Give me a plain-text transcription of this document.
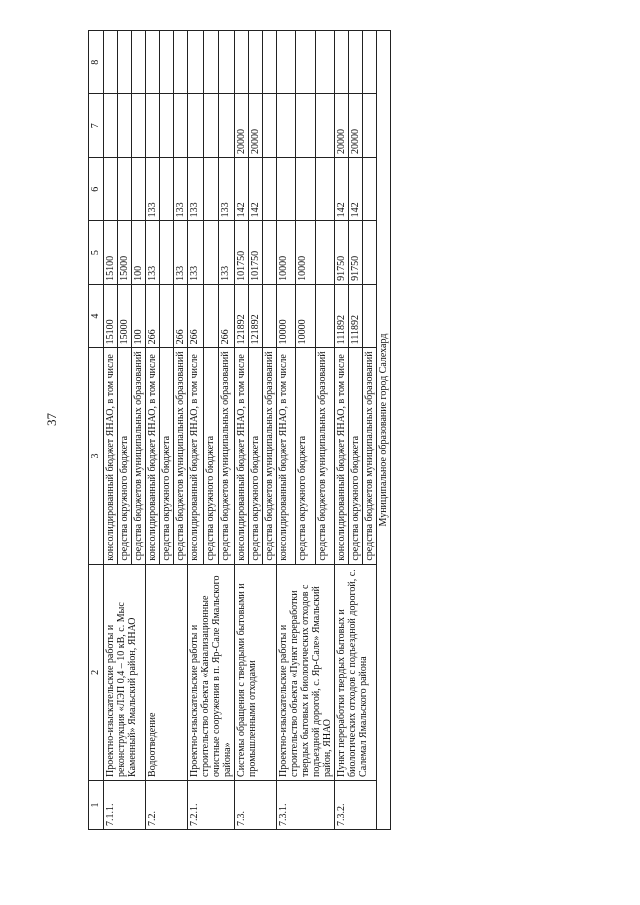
37
1	2	3	4	5	6	7	8
7.1.1.	Проектно-изыскательские работы и реконструкция «ЛЭП 0,4 – 10 кВ, с. Мыс Каменный» Ямальский район, ЯНАО	консолидированный бюджет ЯНАО, в том числе	15100	15100			
		средства окружного бюджета	15000	15000			
		средства бюджетов муниципальных образований	100	100			
7.2.	Водоотведение	консолидированный бюджет ЯНАО, в том числе	266	133	133		
		средства окружного бюджета					
		средства бюджетов муниципальных образований	266	133	133		
7.2.1.	Проектно-изыскательские работы и строительство объекта «Канализационные очистные сооружения в п. Яр-Сале Ямальского района»	консолидированный бюджет ЯНАО, в том числе	266	133	133		
		средства окружного бюджета					
		средства бюджетов муниципальных образований	266	133	133		
7.3.	Системы обращения с твердыми бытовыми и промышленными отходами	консолидированный бюджет ЯНАО, в том числе	121892	101750	142	20000	
		средства окружного бюджета	121892	101750	142	20000	
		средства бюджетов муниципальных образований					
7.3.1.	Проектно-изыскательские работы и строительство объекта «Пункт переработки твердых бытовых и биологических отходов с подъездной дорогой, с. Яр-Сале» Ямальский район, ЯНАО	консолидированный бюджет ЯНАО, в том числе	10000	10000			
		средства окружного бюджета	10000	10000			
		средства бюджетов муниципальных образований					
7.3.2.	Пункт переработки твердых бытовых и биологических отходов с подъездной дорогой, с. Салемал Ямальского района	консолидированный бюджет ЯНАО, в том числе	111892	91750	142	20000	
		средства окружного бюджета	111892	91750	142	20000	
		средства бюджетов муниципальных образований					
Муниципальное образование город Салехард							
